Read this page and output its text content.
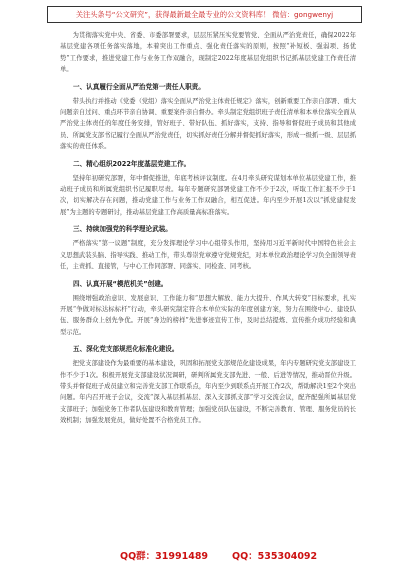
关注头条号“公文研究”，获得最新最全最专业的公文资料库！ 微信：gongwenyj

为贯彻落实党中央、省委、市委部署要求，层层压紧压实党要管党、全面从严治党责任，确保2022年基层党建各项任务落实落地，本着突出工作重点、强化责任落实的原则，按照“补短板、强弱项、扬优势”工作要求，推进党建工作与业务工作双融合，现制定2022年度基层党组织书记抓基层党建工作责任清单。

一、认真履行全面从严治党第一责任人职责。

带头执行并推动《党委（党组）落实全面从严治党主体责任规定》落实，创新重要工作亲自部署、重大问题亲自过问、重点环节亲自协调、重要案件亲自督办。牵头制定党组织班子责任清单和本单位落实全面从严治党主体责任的年度任务安排，管好班子、带好队伍、抓好落实，支持、指导和督促班子成员和其他成员、所属党支部书记履行全面从严治党责任，切实抓好责任分解并督促抓好落实，形成一级抓一级、层层抓落实的责任体系。

二、精心组织2022年度基层党建工作。

坚持年初研究部署，年中督促推进，年底考核评议制度。在4月牵头研究谋划本单位基层党建工作，推动班子成员和所属党组织书记履职尽责。每年专题研究部署党建工作不少于2次，听取工作汇报不少于1次，切实解决存在问题，推动党建工作与业务工作双融合，相互促进。年内至少开展1次以“抓党建促发展”为主题的专题研讨，推动基层党建工作高质量高标准落实。

三、持续加强党的科学理论武装。

严格落实“第一议题”制度，充分发挥理论学习中心组带头作用，坚持用习近平新时代中国特色社会主义思想武装头脑、指导实践、推动工作，带头尊崇党章遵守党规党纪，对本单位政治理论学习负全面领导责任，主责抓、直接管，与中心工作同部署、同落实、同检查、同考核。

四、认真开展“模范机关”创建。

围绕增强政治意识、发展意识、工作能力和“思想大解放、能力大提升、作风大转变”目标要求，扎实开展“争做对标达标标杆”行动，牵头研究制定符合本单位实际的年度创建方案，努力在围绕中心、建设队伍、服务群众上创先争优。开展“身边的榜样”先进事迹宣传工作，及时总结提炼、宣传推介成功经验和典型示范。

五、深化党支部规范化标准化建设。

把党支部建设作为最重要的基本建设，巩固和拓展党支部规范化建设成果，年内专题研究党支部建设工作不少于1次。积极开展党支部建设状况调研，研判所属党支部先进、一般、后进等情况，推动晋位升级。带头并督促班子成员建立和完善党支部工作联系点，年内至少到联系点开展工作2次，帮助解决1至2个突出问题。年内召开班子会议，交流“深入基层抓基层、深入支部抓支部”学习交流会议，配齐配强所属基层党支部班子；加强党务工作者队伍建设和教育管理；加强党员队伍建设，不断完善教育、管理、服务党员的长效机制；加强发展党员，做好处置不合格党员工作。

QQ群：31991489	QQ：535304092
